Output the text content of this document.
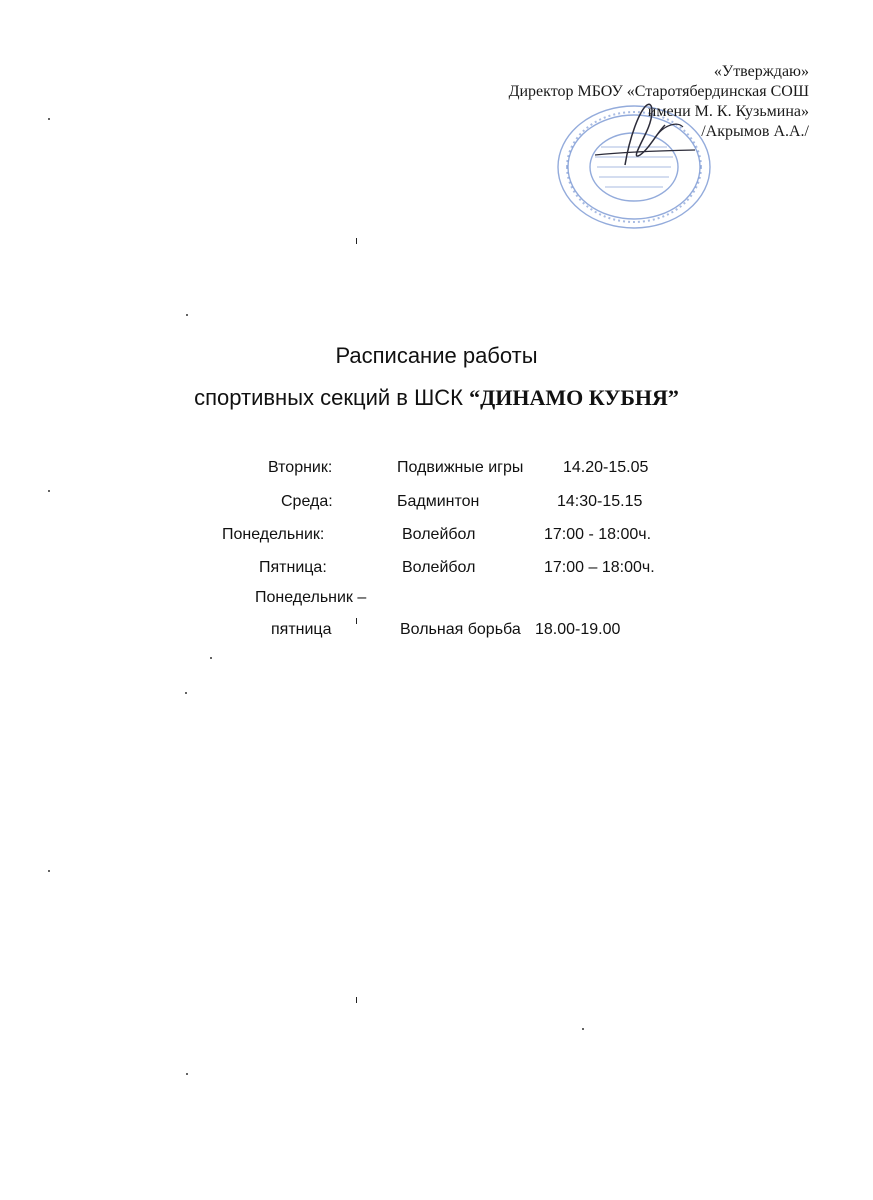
«Утверждаю»
Директор МБОУ «Старотябердинская СОШ
имени М. К. Кузьмина»
/Акрымов А.А./
Расписание работы
спортивных секций в ШСК “ДИНАМО КУБНЯ”
Вторник:	Подвижные игры 14.20-15.05
Среда:	Бадминтон	14:30-15.15
Понедельник:	Волейбол	17:00 - 18:00ч.
Пятница:	Волейбол	17:00 – 18:00ч.
Понедельник –
пятница	Вольная борьба 18.00-19.00
